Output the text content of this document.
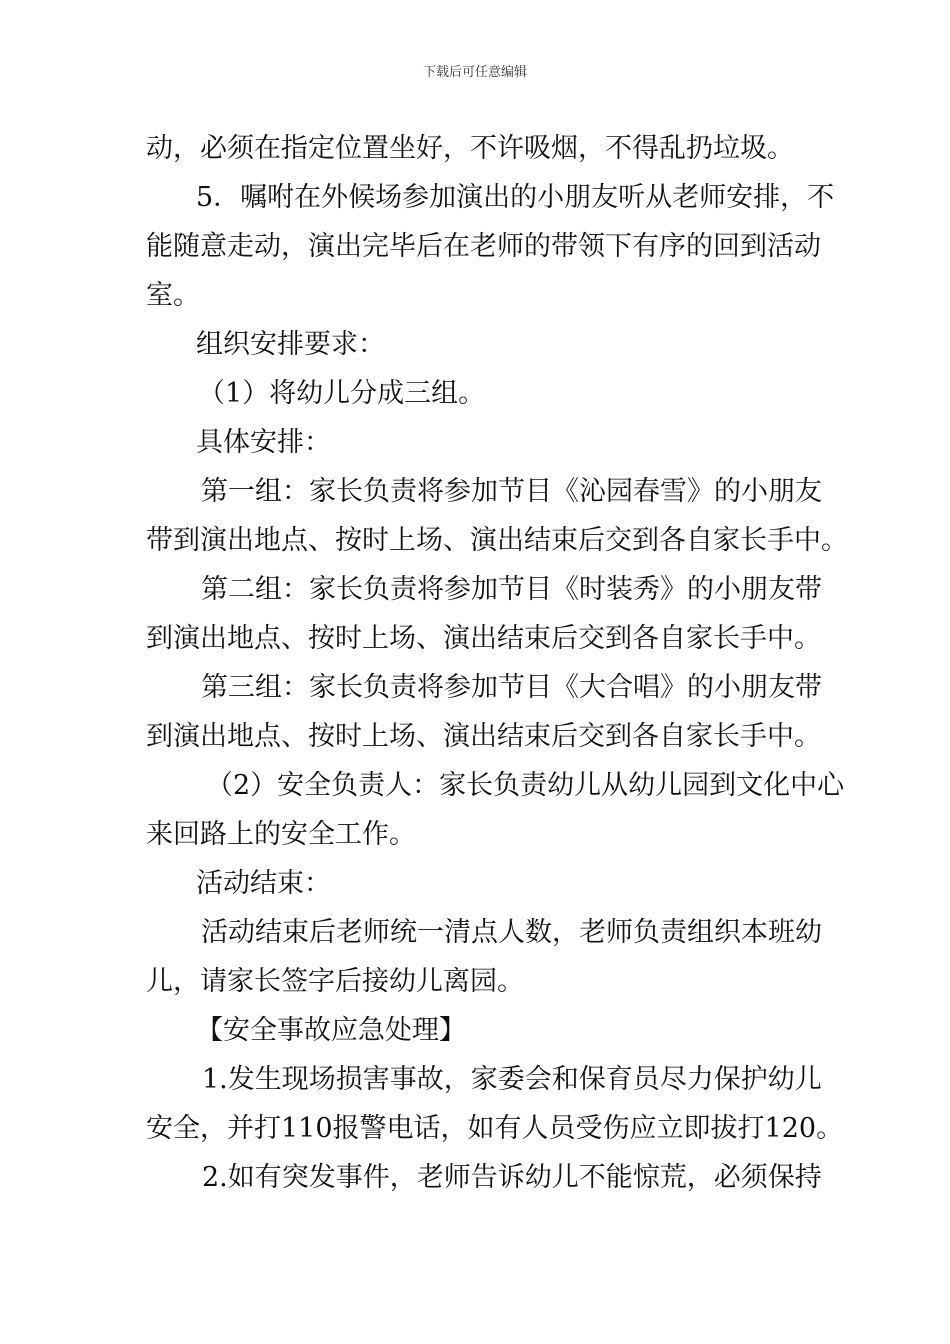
下载后可任意编辑
动，必须在指定位置坐好，不许吸烟，不得乱扔垃圾。
5．嘱咐在外候场参加演出的小朋友听从老师安排，不
能随意走动，演出完毕后在老师的带领下有序的回到活动
室。
组织安排要求：
（1）将幼儿分成三组。
具体安排：
第一组：家长负责将参加节目《沁园春雪》的小朋友
带到演出地点、按时上场、演出结束后交到各自家长手中。
第二组：家长负责将参加节目《时装秀》的小朋友带
到演出地点、按时上场、演出结束后交到各自家长手中。
第三组：家长负责将参加节目《大合唱》的小朋友带
到演出地点、按时上场、演出结束后交到各自家长手中。
（2）安全负责人：家长负责幼儿从幼儿园到文化中心
来回路上的安全工作。
活动结束：
活动结束后老师统一清点人数，老师负责组织本班幼
儿，请家长签字后接幼儿离园。
【安全事故应急处理】
1.发生现场损害事故，家委会和保育员尽力保护幼儿
安全，并打110报警电话，如有人员受伤应立即拔打120。
2.如有突发事件，老师告诉幼儿不能惊荒，必须保持
